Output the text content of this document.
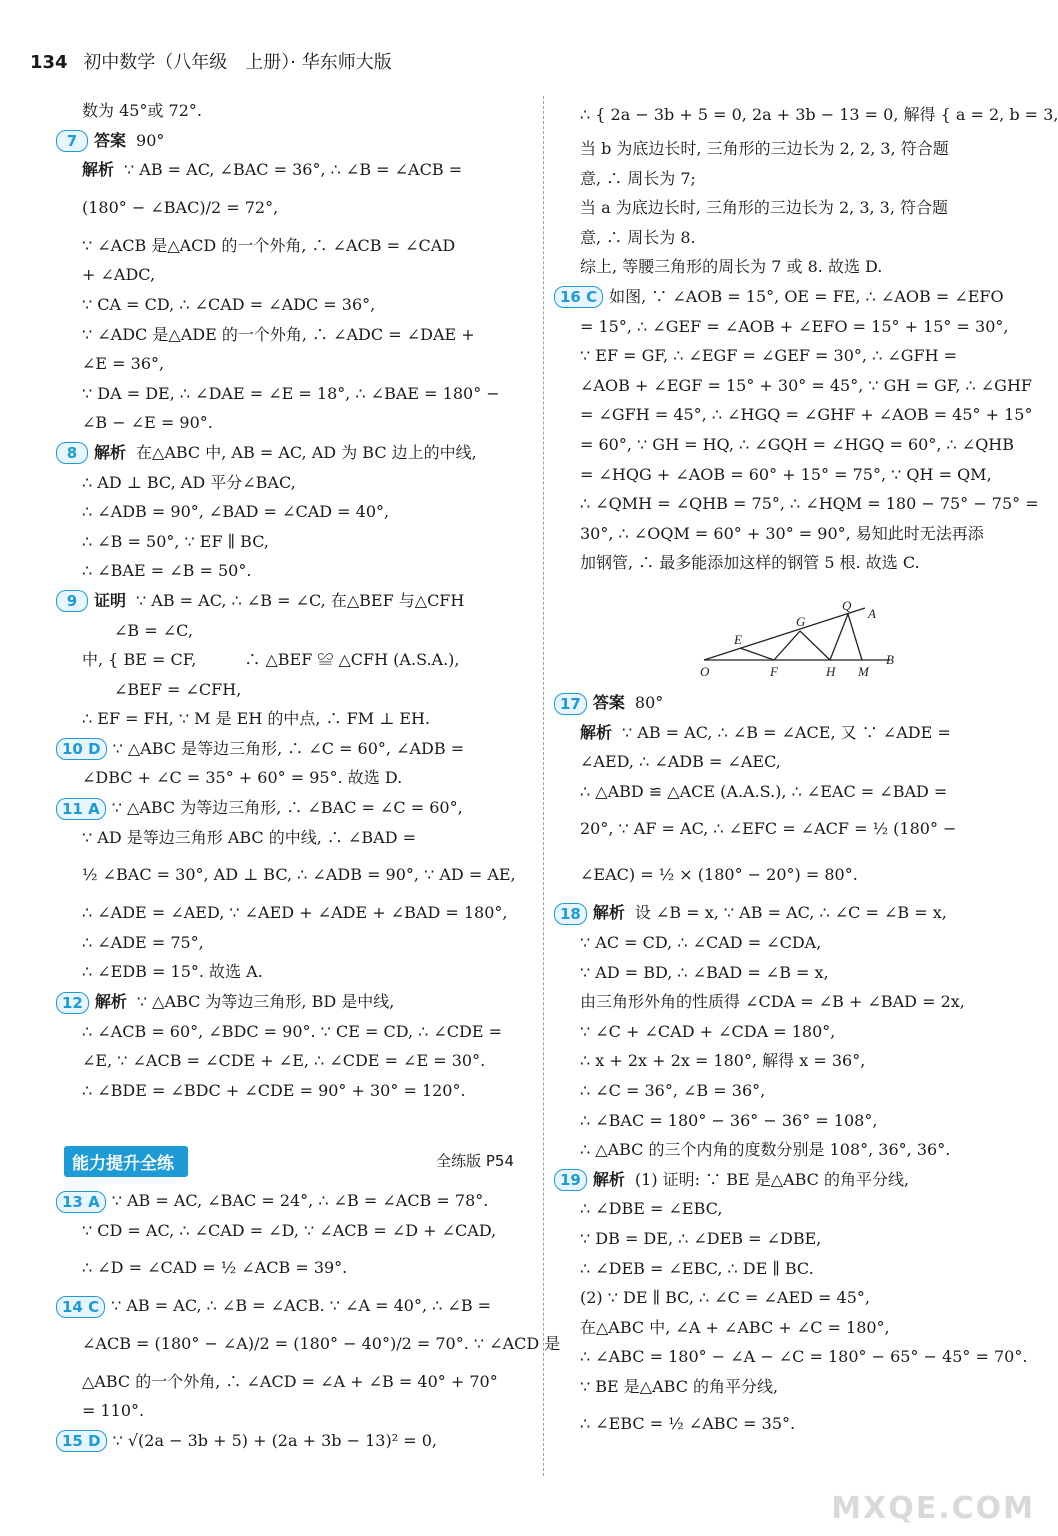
134 初中数学（八年级　上册）· 华东师大版
数为 45°或 72°.
7 答案 90°
解析 ∵ AB = AC, ∠BAC = 36°, ∴ ∠B = ∠ACB =
(180° − ∠BAC)/2 = 72°,
∵ ∠ACB 是△ACD 的一个外角, ∴ ∠ACB = ∠CAD
+ ∠ADC,
∵ CA = CD, ∴ ∠CAD = ∠ADC = 36°,
∵ ∠ADC 是△ADE 的一个外角, ∴ ∠ADC = ∠DAE +
∠E = 36°,
∵ DA = DE, ∴ ∠DAE = ∠E = 18°, ∴ ∠BAE = 180° −
∠B − ∠E = 90°.
8 解析 在△ABC 中, AB = AC, AD 为 BC 边上的中线,
∴ AD ⊥ BC, AD 平分∠BAC,
∴ ∠ADB = 90°, ∠BAD = ∠CAD = 40°,
∴ ∠B = 50°, ∵ EF ∥ BC,
∴ ∠BAE = ∠B = 50°.
9 证明 ∵ AB = AC, ∴ ∠B = ∠C, 在△BEF 与△CFH
　　∠B = ∠C,
中, { BE = CF,　　　∴ △BEF ≌ △CFH (A.S.A.),
　　∠BEF = ∠CFH,
∴ EF = FH, ∵ M 是 EH 的中点, ∴ FM ⊥ EH.
10 D ∵ △ABC 是等边三角形, ∴ ∠C = 60°, ∠ADB =
∠DBC + ∠C = 35° + 60° = 95°. 故选 D.
11 A ∵ △ABC 为等边三角形, ∴ ∠BAC = ∠C = 60°,
∵ AD 是等边三角形 ABC 的中线, ∴ ∠BAD =
½ ∠BAC = 30°, AD ⊥ BC, ∴ ∠ADB = 90°, ∵ AD = AE,
∴ ∠ADE = ∠AED, ∵ ∠AED + ∠ADE + ∠BAD = 180°,
∴ ∠ADE = 75°,
∴ ∠EDB = 15°. 故选 A.
12 解析 ∵ △ABC 为等边三角形, BD 是中线,
∴ ∠ACB = 60°, ∠BDC = 90°. ∵ CE = CD, ∴ ∠CDE =
∠E, ∵ ∠ACB = ∠CDE + ∠E, ∴ ∠CDE = ∠E = 30°.
∴ ∠BDE = ∠BDC + ∠CDE = 90° + 30° = 120°.
能力提升全练	全练版 P54
13 A ∵ AB = AC, ∠BAC = 24°, ∴ ∠B = ∠ACB = 78°.
∵ CD = AC, ∴ ∠CAD = ∠D, ∵ ∠ACB = ∠D + ∠CAD,
∴ ∠D = ∠CAD = ½ ∠ACB = 39°.
14 C ∵ AB = AC, ∴ ∠B = ∠ACB. ∵ ∠A = 40°, ∴ ∠B =
∠ACB = (180° − ∠A)/2 = (180° − 40°)/2 = 70°. ∵ ∠ACD 是
△ABC 的一个外角, ∴ ∠ACD = ∠A + ∠B = 40° + 70°
= 110°.
15 D ∵ √(2a − 3b + 5) + (2a + 3b − 13)² = 0,
∴ { 2a − 3b + 5 = 0, 2a + 3b − 13 = 0, 解得 { a = 2, b = 3,
当 b 为底边长时, 三角形的三边长为 2, 2, 3, 符合题
意, ∴ 周长为 7;
当 a 为底边长时, 三角形的三边长为 2, 3, 3, 符合题
意, ∴ 周长为 8.
综上, 等腰三角形的周长为 7 或 8. 故选 D.
16 C 如图, ∵ ∠AOB = 15°, OE = FE, ∴ ∠AOB = ∠EFO
= 15°, ∴ ∠GEF = ∠AOB + ∠EFO = 15° + 15° = 30°,
∵ EF = GF, ∴ ∠EGF = ∠GEF = 30°, ∴ ∠GFH =
∠AOB + ∠EGF = 15° + 30° = 45°, ∵ GH = GF, ∴ ∠GHF
= ∠GFH = 45°, ∴ ∠HGQ = ∠GHF + ∠AOB = 45° + 15°
= 60°, ∵ GH = HQ, ∴ ∠GQH = ∠HGQ = 60°, ∴ ∠QHB
= ∠HQG + ∠AOB = 60° + 15° = 75°, ∵ QH = QM,
∴ ∠QMH = ∠QHB = 75°, ∴ ∠HQM = 180 − 75° − 75° =
30°, ∴ ∠OQM = 60° + 30° = 90°, 易知此时无法再添
加钢管, ∴ 最多能添加这样的钢管 5 根. 故选 C.
O
E
F
G
H
Q
A
M
B
17 答案 80°
解析 ∵ AB = AC, ∴ ∠B = ∠ACE, 又 ∵ ∠ADE =
∠AED, ∴ ∠ADB = ∠AEC,
∴ △ABD ≌ △ACE (A.A.S.), ∴ ∠EAC = ∠BAD =
20°, ∵ AF = AC, ∴ ∠EFC = ∠ACF = ½ (180° −
∠EAC) = ½ × (180° − 20°) = 80°.
18 解析 设 ∠B = x, ∵ AB = AC, ∴ ∠C = ∠B = x,
∵ AC = CD, ∴ ∠CAD = ∠CDA,
∵ AD = BD, ∴ ∠BAD = ∠B = x,
由三角形外角的性质得 ∠CDA = ∠B + ∠BAD = 2x,
∵ ∠C + ∠CAD + ∠CDA = 180°,
∴ x + 2x + 2x = 180°, 解得 x = 36°,
∴ ∠C = 36°, ∠B = 36°,
∴ ∠BAC = 180° − 36° − 36° = 108°,
∴ △ABC 的三个内角的度数分别是 108°, 36°, 36°.
19 解析 (1) 证明: ∵ BE 是△ABC 的角平分线,
∴ ∠DBE = ∠EBC,
∵ DB = DE, ∴ ∠DEB = ∠DBE,
∴ ∠DEB = ∠EBC, ∴ DE ∥ BC.
(2) ∵ DE ∥ BC, ∴ ∠C = ∠AED = 45°,
在△ABC 中, ∠A + ∠ABC + ∠C = 180°,
∴ ∠ABC = 180° − ∠A − ∠C = 180° − 65° − 45° = 70°.
∵ BE 是△ABC 的角平分线,
∴ ∠EBC = ½ ∠ABC = 35°.
MXQE.COM
